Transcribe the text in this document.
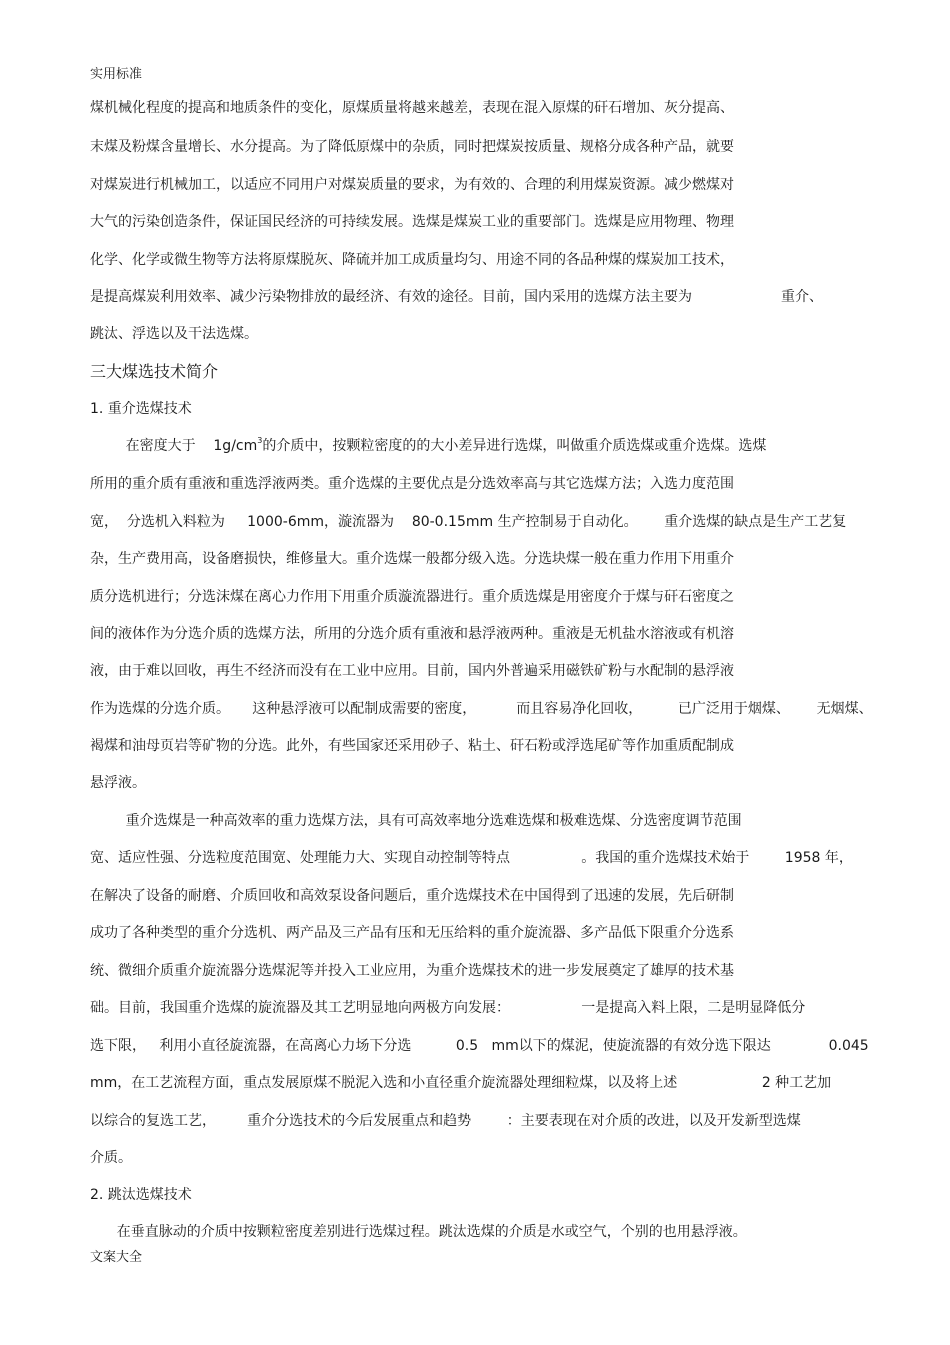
实用标准
煤机械化程度的提高和地质条件的变化，原煤质量将越来越差，表现在混入原煤的矸石增加、灰分提高、
末煤及粉煤含量增长、水分提高。为了降低原煤中的杂质，同时把煤炭按质量、规格分成各种产品，就要
对煤炭进行机械加工，以适应不同用户对煤炭质量的要求，为有效的、合理的利用煤炭资源。减少燃煤对
大气的污染创造条件，保证国民经济的可持续发展。选煤是煤炭工业的重要部门。选煤是应用物理、物理
化学、化学或微生物等方法将原煤脱灰、降硫并加工成质量均匀、用途不同的各品种煤的煤炭加工技术，
是提高煤炭利用效率、减少污染物排放的最经济、有效的途径。目前，国内采用的选煤方法主要为                    重介、
跳汰、浮选以及干法选煤。
三大煤选技术简介
1. 重介选煤技术
在密度大于    $1g/cm^3$的介质中，按颗粒密度的的大小差异进行选煤，叫做重介质选煤或重介选煤。选煤
所用的重介质有重液和重选浮液两类。重介选煤的主要优点是分选效率高与其它选煤方法；入选力度范围
宽，  分选机入料粒为     1000-6mm，漩流器为    80-0.15mm 生产控制易于自动化。      重介选煤的缺点是生产工艺复
杂，生产费用高，设备磨损快，维修量大。重介选煤一般都分级入选。分选块煤一般在重力作用下用重介
质分选机进行；分选沫煤在离心力作用下用重介质漩流器进行。重介质选煤是用密度介于煤与矸石密度之
间的液体作为分选介质的选煤方法，所用的分选介质有重液和悬浮液两种。重液是无机盐水溶液或有机溶
液，由于难以回收，再生不经济而没有在工业中应用。目前，国内外普遍采用磁铁矿粉与水配制的悬浮液
作为选煤的分选介质。     这种悬浮液可以配制成需要的密度，         而且容易净化回收，        已广泛用于烟煤、      无烟煤、
褐煤和油母页岩等矿物的分选。此外，有些国家还采用砂子、粘土、矸石粉或浮选尾矿等作加重质配制成
悬浮液。
重介选煤是一种高效率的重力选煤方法，具有可高效率地分选难选煤和极难选煤、分选密度调节范围
宽、适应性强、分选粒度范围宽、处理能力大、实现自动控制等特点                。我国的重介选煤技术始于        1958 年，
在解决了设备的耐磨、介质回收和高效泵设备问题后，重介选煤技术在中国得到了迅速的发展，先后研制
成功了各种类型的重介分选机、两产品及三产品有压和无压给料的重介旋流器、多产品低下限重介分选系
统、微细介质重介旋流器分选煤泥等并投入工业应用，为重介选煤技术的进一步发展奠定了雄厚的技术基
础。目前，我国重介选煤的旋流器及其工艺明显地向两极方向发展：                一是提高入料上限，二是明显降低分
选下限，   利用小直径旋流器，在高离心力场下分选          0.5   mm以下的煤泥，使旋流器的有效分选下限达             0.045
mm，在工艺流程方面，重点发展原煤不脱泥入选和小直径重介旋流器处理细粒煤，以及将上述                   2 种工艺加
以综合的复选工艺，       重介分选技术的今后发展重点和趋势        ：主要表现在对介质的改进，以及开发新型选煤
介质。
2. 跳汰选煤技术
在垂直脉动的介质中按颗粒密度差别进行选煤过程。跳汰选煤的介质是水或空气，个别的也用悬浮液。
文案大全
